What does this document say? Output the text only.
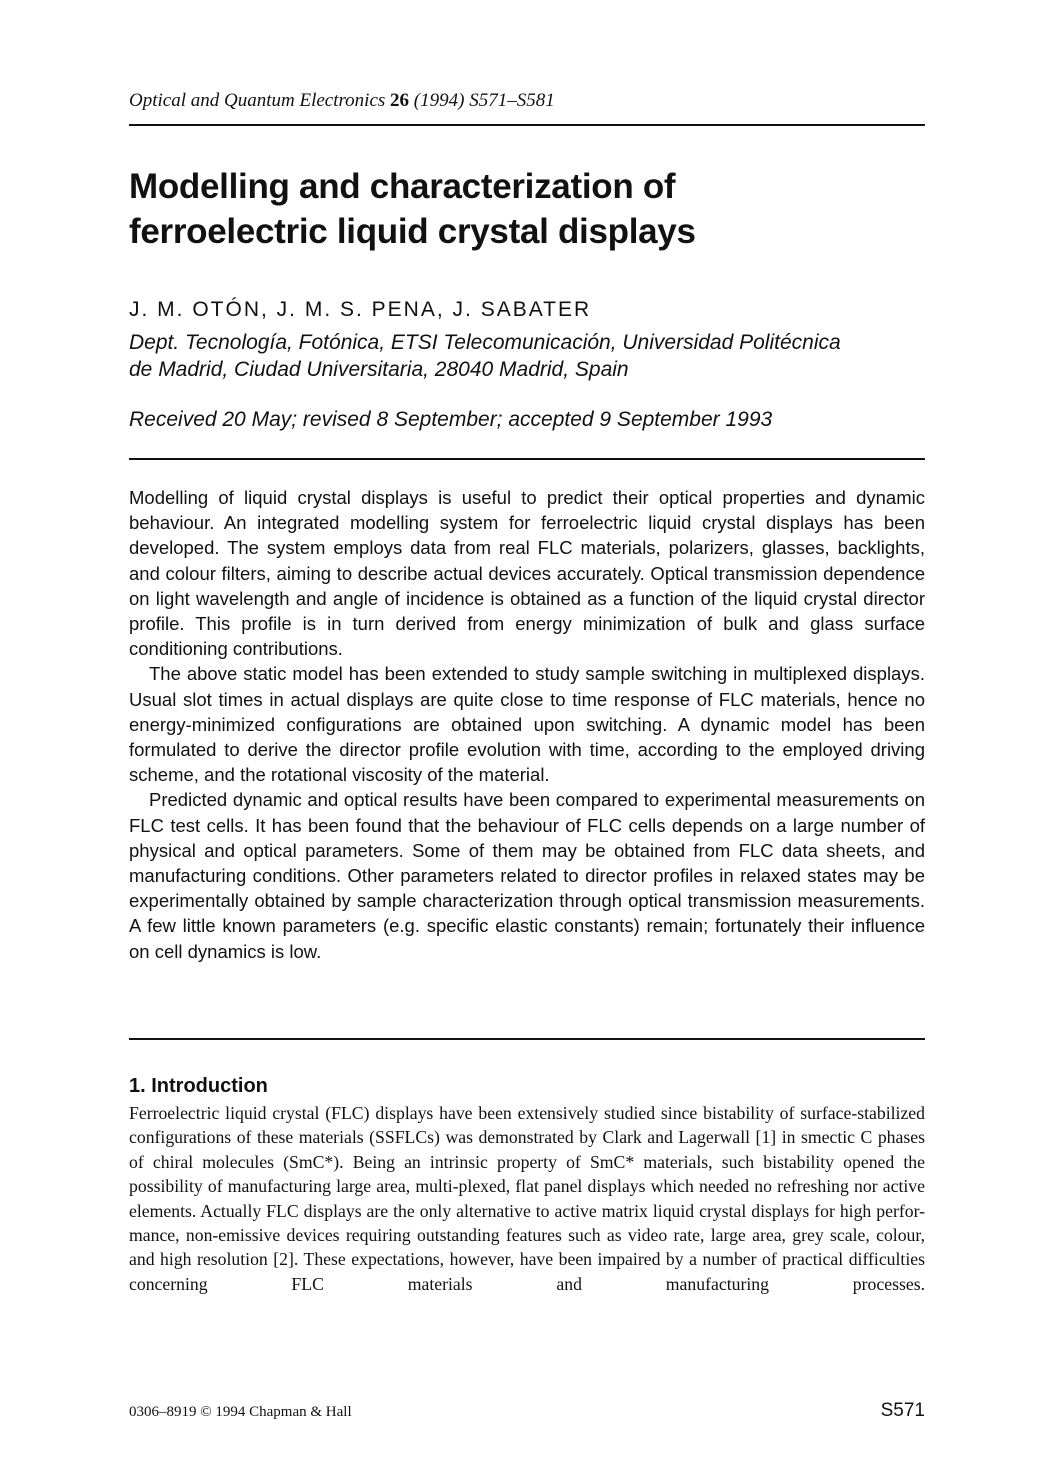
Optical and Quantum Electronics 26 (1994) S571–S581
Modelling and characterization of
ferroelectric liquid crystal displays
J. M. OTÓN, J. M. S. PENA, J. SABATER
Dept. Tecnología, Fotónica, ETSI Telecomunicación, Universidad Politécnica
de Madrid, Ciudad Universitaria, 28040 Madrid, Spain
Received 20 May; revised 8 September; accepted 9 September 1993

Modelling of liquid crystal displays is useful to predict their optical properties and dynamic behaviour. An integrated modelling system for ferroelectric liquid crystal displays has been developed. The system employs data from real FLC materials, polarizers, glasses, backlights, and colour filters, aiming to describe actual devices accurately. Optical transmission dependence on light wavelength and angle of incidence is obtained as a function of the liquid crystal director profile. This profile is in turn derived from energy minimization of bulk and glass surface conditioning contributions.

The above static model has been extended to study sample switching in multiplexed displays. Usual slot times in actual displays are quite close to time response of FLC materials, hence no energy-minimized configurations are obtained upon switching. A dynamic model has been formulated to derive the director profile evolution with time, according to the employed driving scheme, and the rotational viscosity of the material.

Predicted dynamic and optical results have been compared to experimental measurements on FLC test cells. It has been found that the behaviour of FLC cells depends on a large number of physical and optical parameters. Some of them may be obtained from FLC data sheets, and manufacturing conditions. Other parameters related to director profiles in relaxed states may be experimentally obtained by sample characterization through optical transmission measurements. A few little known parameters (e.g. specific elastic constants) remain; fortunately their influence on cell dynamics is low.

1. Introduction

Ferroelectric liquid crystal (FLC) displays have been extensively studied since bistability of surface-stabilized configurations of these materials (SSFLCs) was demonstrated by Clark and Lagerwall [1] in smectic C phases of chiral molecules (SmC*). Being an intrinsic property of SmC* materials, such bistability opened the possibility of manufacturing large area, multi-plexed, flat panel displays which needed no refreshing nor active elements. Actually FLC displays are the only alternative to active matrix liquid crystal displays for high perfor-mance, non-emissive devices requiring outstanding features such as video rate, large area, grey scale, colour, and high resolution [2]. These expectations, however, have been impaired by a number of practical difficulties concerning FLC materials and manufacturing processes.

0306–8919 © 1994 Chapman & Hall	S571
